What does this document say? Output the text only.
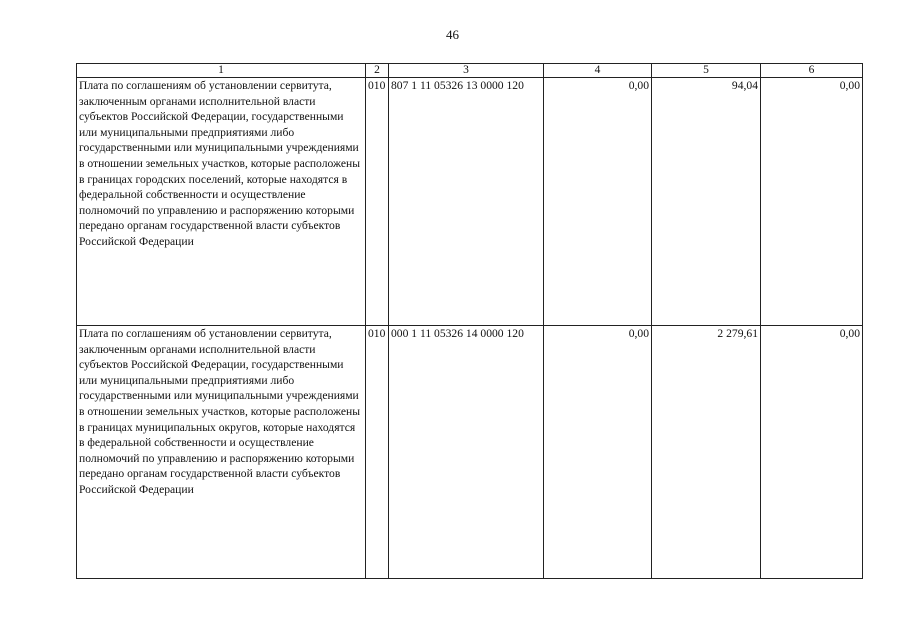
46
1	2	3	4	5	6
Плата по соглашениям об установлении сервитута, заключенным органами исполнительной власти субъектов Российской Федерации, государственными или муниципальными предприятиями либо государственными или муниципальными учреждениями в отношении земельных участков, которые расположены в границах городских поселений, которые находятся в федеральной собственности и осуществление полномочий по управлению и распоряжению которыми передано органам государственной власти субъектов Российской Федерации	010	807 1 11 05326 13 0000 120	0,00	94,04	0,00
Плата по соглашениям об установлении сервитута, заключенным органами исполнительной власти субъектов Российской Федерации, государственными или муниципальными предприятиями либо государственными или муниципальными учреждениями в отношении земельных участков, которые расположены в границах муниципальных округов, которые находятся в федеральной собственности и осуществление полномочий по управлению и распоряжению которыми передано органам государственной власти субъектов Российской Федерации	010	000 1 11 05326 14 0000 120	0,00	2 279,61	0,00
